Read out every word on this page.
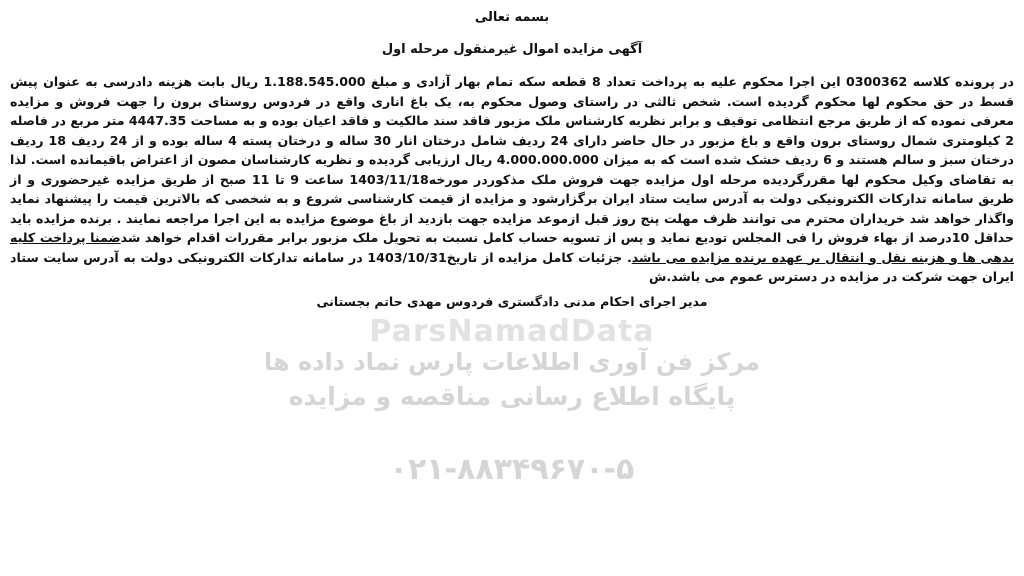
بسمه تعالی
آگهی مزایده اموال غیرمنقول مرحله اول
در پرونده کلاسه 0300362 این اجرا محکوم علیه به پرداخت تعداد 8 قطعه سکه تمام بهار آزادی و مبلغ 1.188.545.000 ریال بابت هزینه دادرسی به عنوان پیش قسط در حق محکوم لها محکوم گردیده است. شخص ثالثی در راستای وصول محکوم به، یک باغ اناری واقع در فردوس روستای برون را جهت فروش و مزایده معرفی نموده که از طریق مرجع انتظامی توقیف و برابر نظریه کارشناس ملک مزبور فاقد سند مالکیت و فاقد اعیان بوده و به مساحت 4447.35 متر مربع در فاصله 2 کیلومتری شمال روستای برون واقع و باغ مزبور در حال حاضر دارای 24 ردیف شامل درختان انار 30 ساله و درختان پسته 4 ساله بوده و از 24 ردیف 18 ردیف درختان سبز و سالم هستند و 6 ردیف خشک شده است که به میزان 4.000.000.000 ریال ارزیابی گردیده و نظریه کارشناسان مصون از اعتراض باقیمانده است. لذا به تقاضای وکیل محکوم لها مقررگردیده مرحله اول مزایده جهت فروش ملک مذکوردر مورخه1403/11/18 ساعت 9 تا 11 صبح از طریق مزایده غیرحضوری و از طریق سامانه تدارکات الکترونیکی دولت به آدرس سایت ستاد ایران برگزارشود و مزایده از قیمت کارشناسی شروع و به شخصی که بالاترین قیمت را پیشنهاد نماید واگذار خواهد شد خریداران محترم می توانند ظرف مهلت پنج روز قبل ازموعد مزایده جهت بازدید از باغ موضوع مزایده به این اجرا مراجعه نمایند . برنده مزایده باید حداقل 10درصد از بهاء فروش را فی المجلس تودیع نماید و پس از تسویه حساب کامل نسبت به تحویل ملک مزبور برابر مقررات اقدام خواهد شدضمنا پرداخت کلیه بدهی ها و هزینه نقل و انتقال بر عهده برنده مزایده می باشد. جزئیات کامل مزایده از تاریخ1403/10/31 در سامانه تدارکات الکترونیکی دولت به آدرس سایت ستاد ایران جهت شرکت در مزایده در دسترس عموم می باشد.ش
مدیر اجرای احکام مدنی دادگستری فردوس مهدی حاتم بجستانی
ParsNamadData
مرکز فن آوری اطلاعات پارس نماد داده ها
پایگاه اطلاع رسانی مناقصه و مزایده
۰۲۱-۸۸۳۴۹۶۷۰-۵
